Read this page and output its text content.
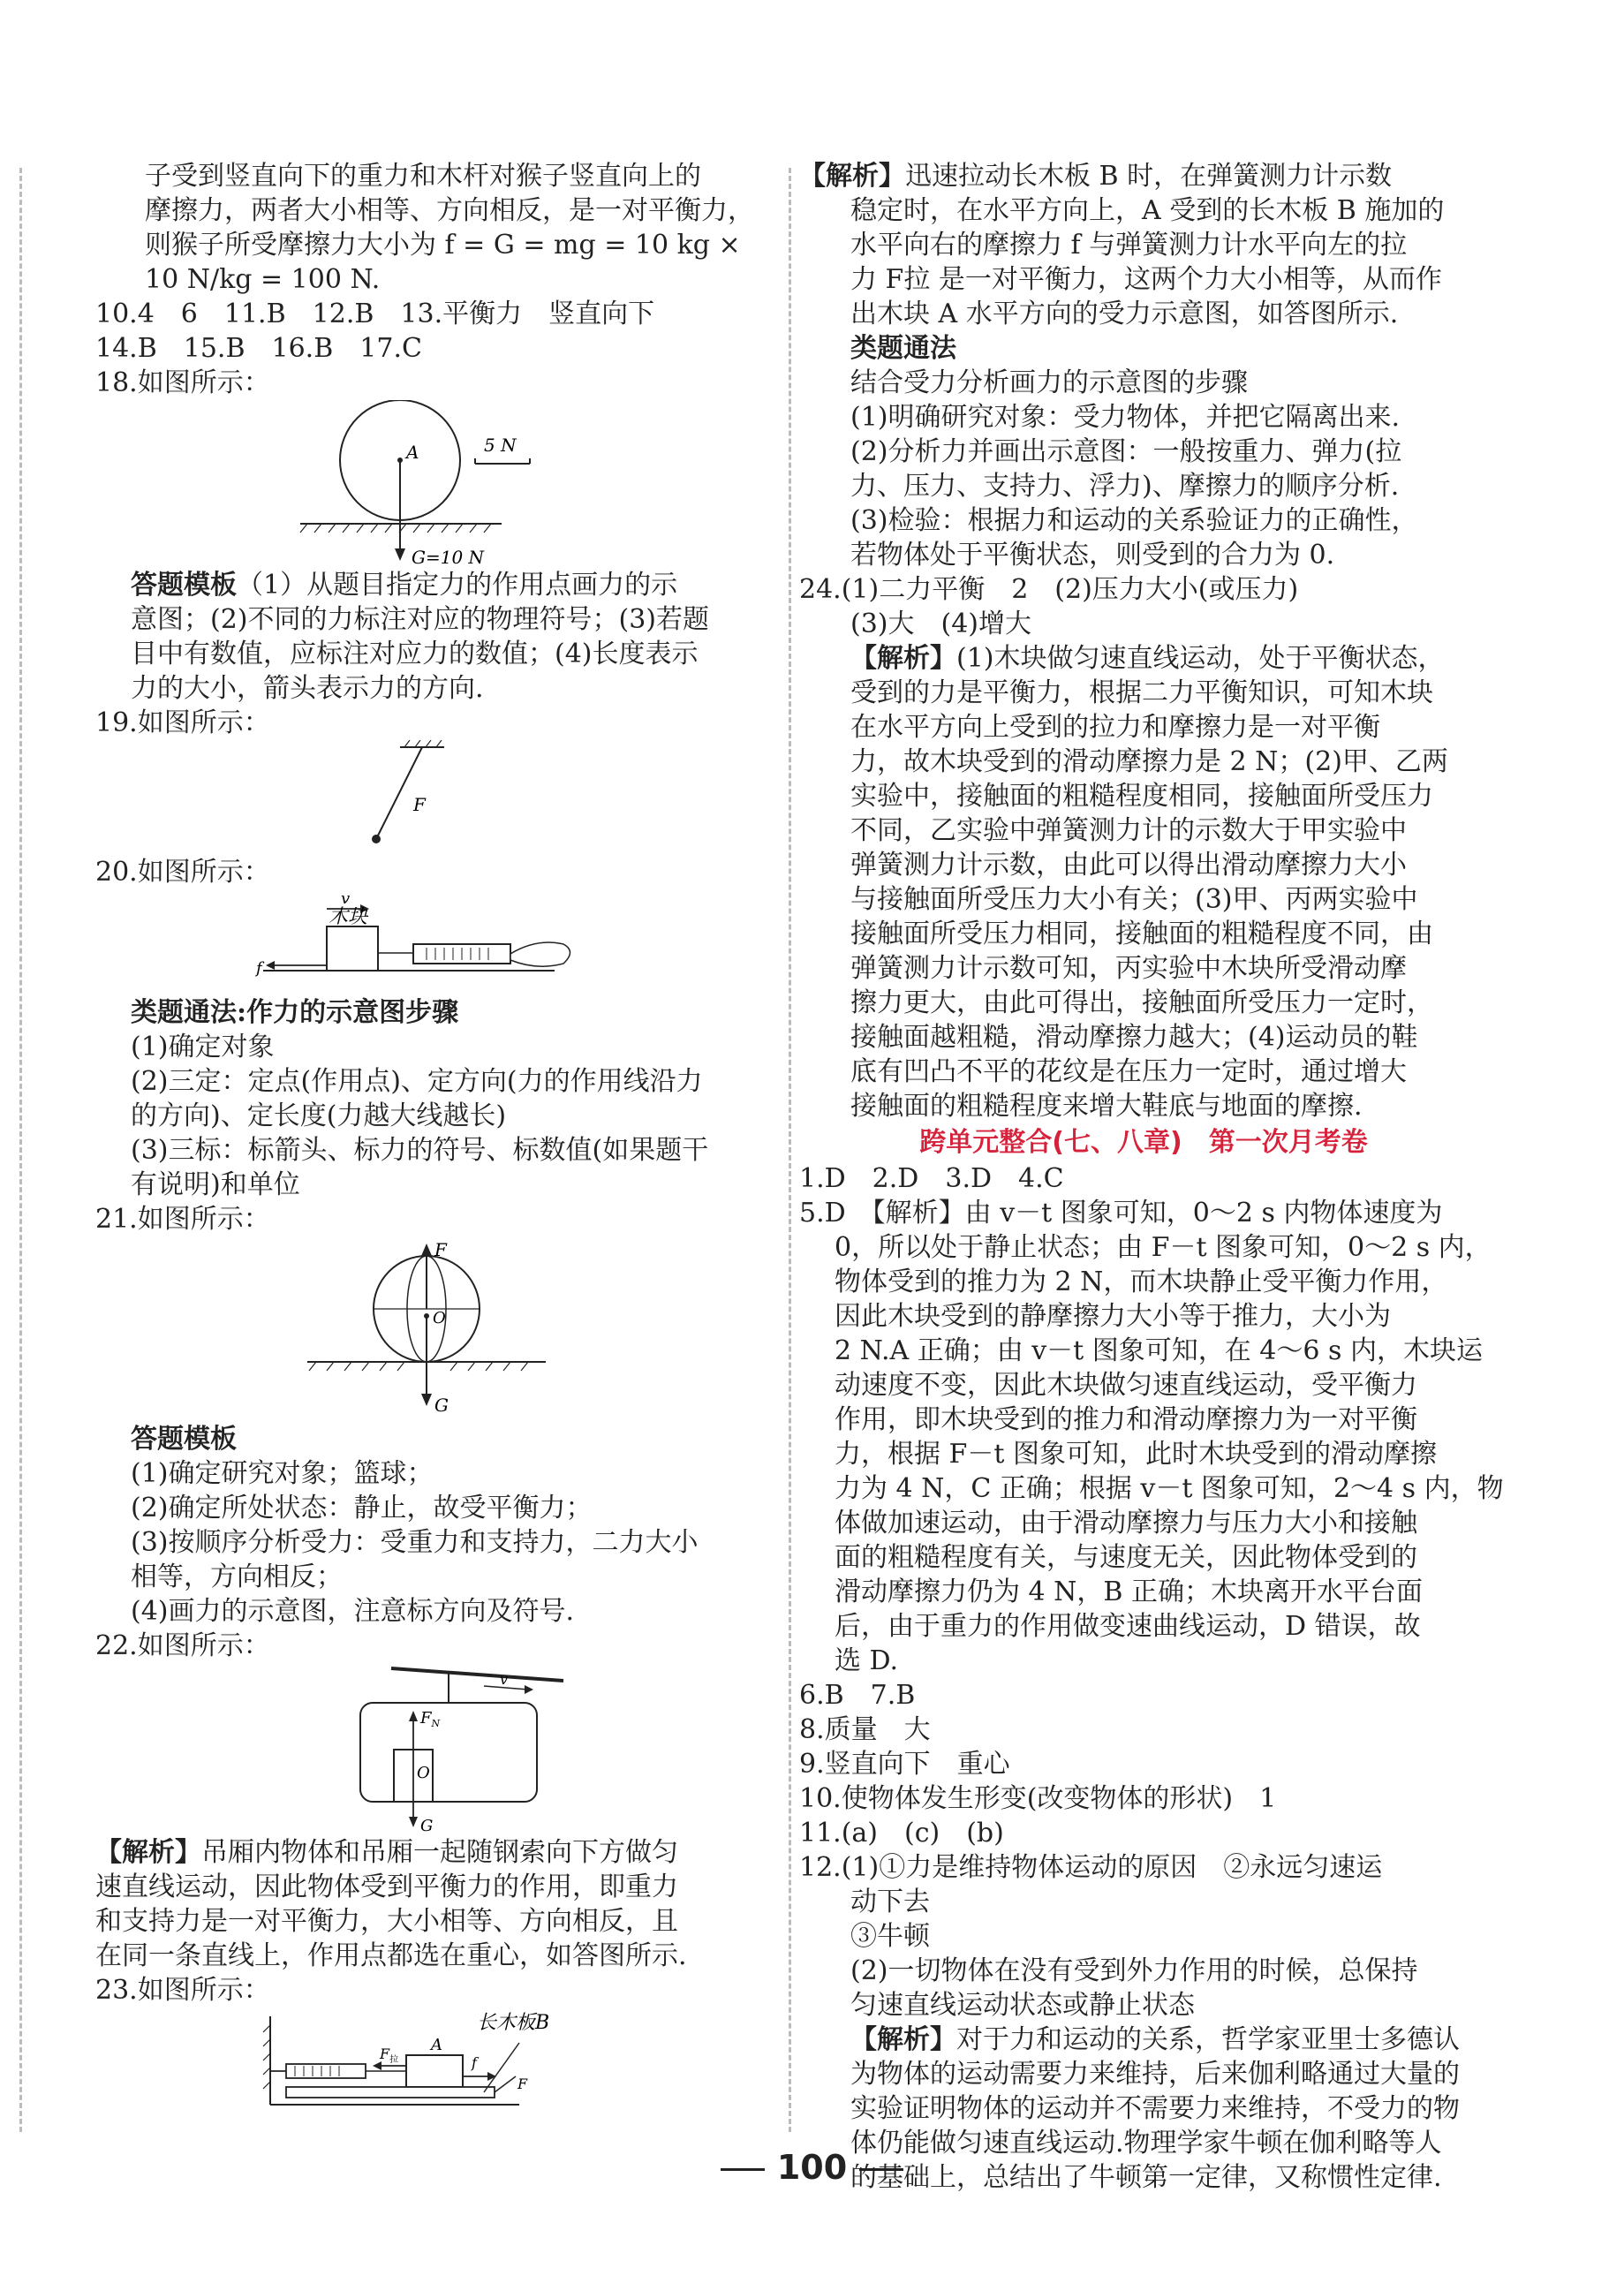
子受到竖直向下的重力和木杆对猴子竖直向上的
摩擦力，两者大小相等、方向相反，是一对平衡力，
则猴子所受摩擦力大小为 f = G = mg = 10 kg ×
10 N/kg = 100 N.
10.4　6　11.B　12.B　13.平衡力　竖直向下
14.B　15.B　16.B　17.C
18.如图所示：
A	5 N
G=10 N
答题模板（1）从题目指定力的作用点画力的示
意图；(2)不同的力标注对应的物理符号；(3)若题
目中有数值，应标注对应力的数值；(4)长度表示
力的大小，箭头表示力的方向.
19.如图所示：
F
20.如图所示：
v
木块
f
类题通法:作力的示意图步骤
(1)确定对象
(2)三定：定点(作用点)、定方向(力的作用线沿力
的方向)、定长度(力越大线越长)
(3)三标：标箭头、标力的符号、标数值(如果题干
有说明)和单位
21.如图所示：
F
O
G
答题模板
(1)确定研究对象；篮球；
(2)确定所处状态：静止，故受平衡力；
(3)按顺序分析受力：受重力和支持力，二力大小
相等，方向相反；
(4)画力的示意图，注意标方向及符号.
22.如图所示：
v
$F_N$
O
G
【解析】吊厢内物体和吊厢一起随钢索向下方做匀
速直线运动，因此物体受到平衡力的作用，即重力
和支持力是一对平衡力，大小相等、方向相反，且
在同一条直线上，作用点都选在重心，如答图所示.
23.如图所示：
$F_拉$
A
f
F
长木板B
【解析】迅速拉动长木板 B 时，在弹簧测力计示数
稳定时，在水平方向上，A 受到的长木板 B 施加的
水平向右的摩擦力 f 与弹簧测力计水平向左的拉
力 F拉 是一对平衡力，这两个力大小相等，从而作
出木块 A 水平方向的受力示意图，如答图所示.
类题通法
结合受力分析画力的示意图的步骤
(1)明确研究对象：受力物体，并把它隔离出来.
(2)分析力并画出示意图：一般按重力、弹力(拉
力、压力、支持力、浮力)、摩擦力的顺序分析.
(3)检验：根据力和运动的关系验证力的正确性，
若物体处于平衡状态，则受到的合力为 0.
24.(1)二力平衡　2　(2)压力大小(或压力)
(3)大　(4)增大
【解析】(1)木块做匀速直线运动，处于平衡状态，
受到的力是平衡力，根据二力平衡知识，可知木块
在水平方向上受到的拉力和摩擦力是一对平衡
力，故木块受到的滑动摩擦力是 2 N；(2)甲、乙两
实验中，接触面的粗糙程度相同，接触面所受压力
不同，乙实验中弹簧测力计的示数大于甲实验中
弹簧测力计示数，由此可以得出滑动摩擦力大小
与接触面所受压力大小有关；(3)甲、丙两实验中
接触面所受压力相同，接触面的粗糙程度不同，由
弹簧测力计示数可知，丙实验中木块所受滑动摩
擦力更大，由此可得出，接触面所受压力一定时，
接触面越粗糙，滑动摩擦力越大；(4)运动员的鞋
底有凹凸不平的花纹是在压力一定时，通过增大
接触面的粗糙程度来增大鞋底与地面的摩擦.
跨单元整合(七、八章)　第一次月考卷
1.D　2.D　3.D　4.C
5.D　【解析】由 v－t 图象可知，0～2 s 内物体速度为
0，所以处于静止状态；由 F－t 图象可知，0～2 s 内，
物体受到的推力为 2 N，而木块静止受平衡力作用，
因此木块受到的静摩擦力大小等于推力，大小为
2 N.A 正确；由 v－t 图象可知，在 4～6 s 内，木块运
动速度不变，因此木块做匀速直线运动，受平衡力
作用，即木块受到的推力和滑动摩擦力为一对平衡
力，根据 F－t 图象可知，此时木块受到的滑动摩擦
力为 4 N，C 正确；根据 v－t 图象可知，2～4 s 内，物
体做加速运动，由于滑动摩擦力与压力大小和接触
面的粗糙程度有关，与速度无关，因此物体受到的
滑动摩擦力仍为 4 N，B 正确；木块离开水平台面
后，由于重力的作用做变速曲线运动，D 错误，故
选 D.
6.B　7.B
8.质量　大
9.竖直向下　重心
10.使物体发生形变(改变物体的形状)　1
11.(a)　(c)　(b)
12.(1)①力是维持物体运动的原因　②永远匀速运
动下去
③牛顿
(2)一切物体在没有受到外力作用的时候，总保持
匀速直线运动状态或静止状态
【解析】对于力和运动的关系，哲学家亚里士多德认
为物体的运动需要力来维持，后来伽利略通过大量的
实验证明物体的运动并不需要力来维持，不受力的物
体仍能做匀速直线运动.物理学家牛顿在伽利略等人
的基础上，总结出了牛顿第一定律，又称惯性定律.
100
